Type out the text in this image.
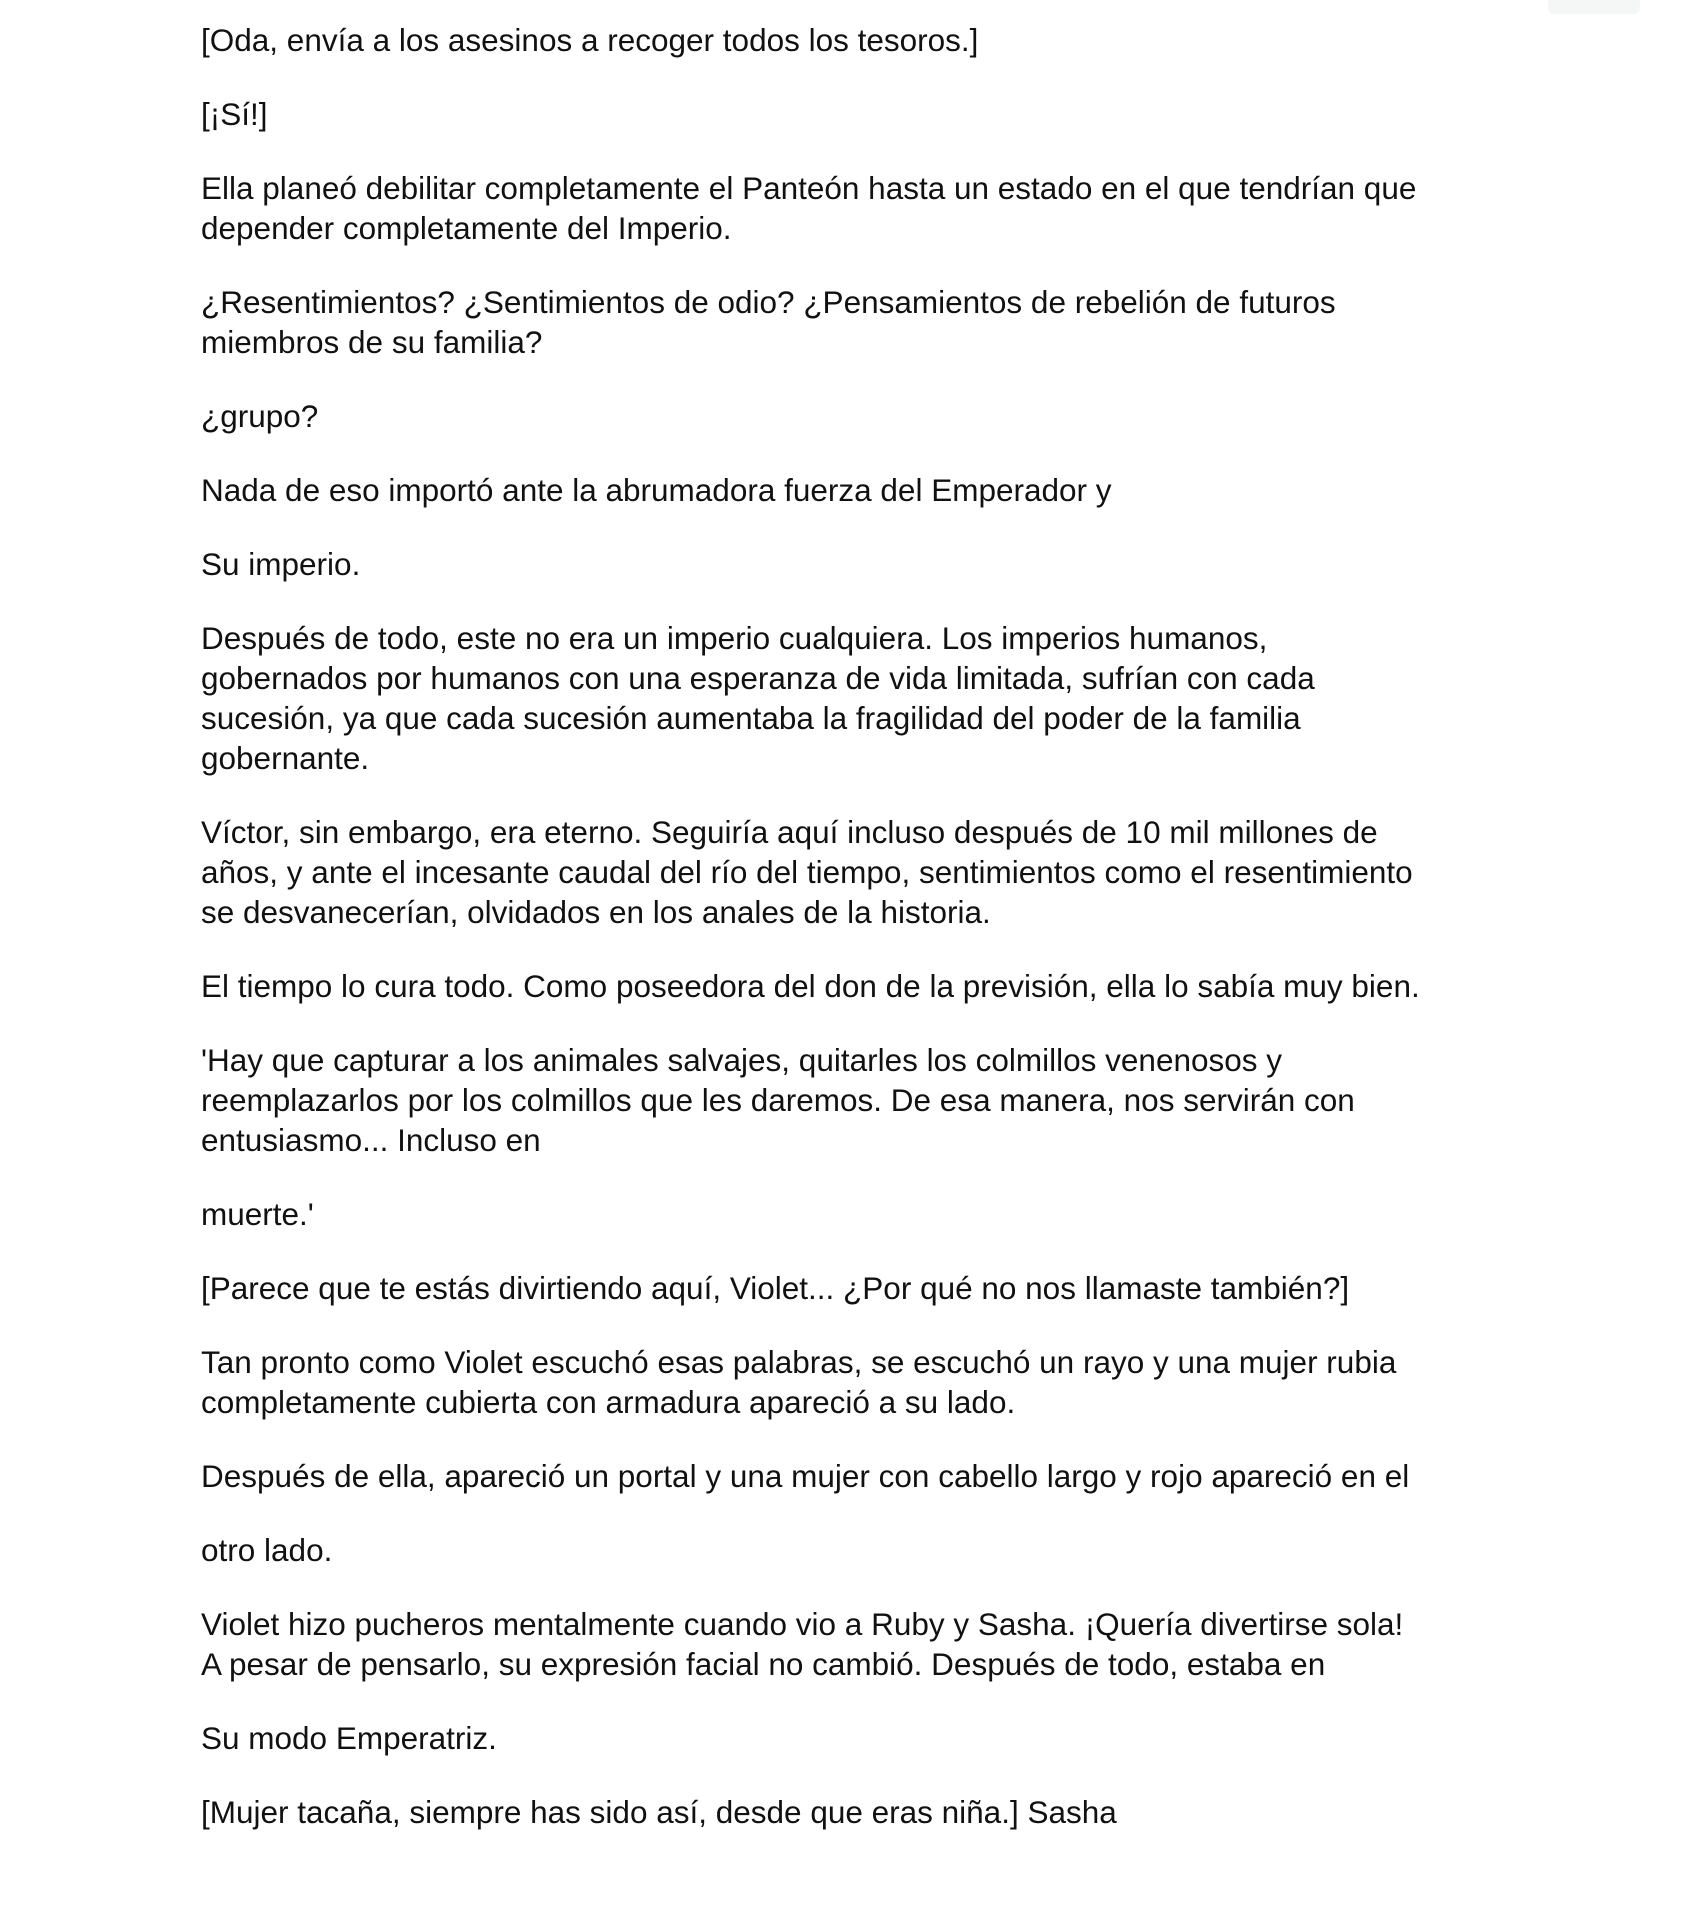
[Oda, envía a los asesinos a recoger todos los tesoros.]

[¡Sí!]

Ella planeó debilitar completamente el Panteón hasta un estado en el que tendrían que
depender completamente del Imperio.

¿Resentimientos? ¿Sentimientos de odio? ¿Pensamientos de rebelión de futuros
miembros de su familia?

¿grupo?

Nada de eso importó ante la abrumadora fuerza del Emperador y

Su imperio.

Después de todo, este no era un imperio cualquiera. Los imperios humanos,
gobernados por humanos con una esperanza de vida limitada, sufrían con cada
sucesión, ya que cada sucesión aumentaba la fragilidad del poder de la familia
gobernante.

Víctor, sin embargo, era eterno. Seguiría aquí incluso después de 10 mil millones de
años, y ante el incesante caudal del río del tiempo, sentimientos como el resentimiento
se desvanecerían, olvidados en los anales de la historia.

El tiempo lo cura todo. Como poseedora del don de la previsión, ella lo sabía muy bien.

'Hay que capturar a los animales salvajes, quitarles los colmillos venenosos y
reemplazarlos por los colmillos que les daremos. De esa manera, nos servirán con
entusiasmo... Incluso en

muerte.'

[Parece que te estás divirtiendo aquí, Violet... ¿Por qué no nos llamaste también?]

Tan pronto como Violet escuchó esas palabras, se escuchó un rayo y una mujer rubia
completamente cubierta con armadura apareció a su lado.

Después de ella, apareció un portal y una mujer con cabello largo y rojo apareció en el

otro lado.

Violet hizo pucheros mentalmente cuando vio a Ruby y Sasha. ¡Quería divertirse sola!
A pesar de pensarlo, su expresión facial no cambió. Después de todo, estaba en

Su modo Emperatriz.

[Mujer tacaña, siempre has sido así, desde que eras niña.] Sasha
